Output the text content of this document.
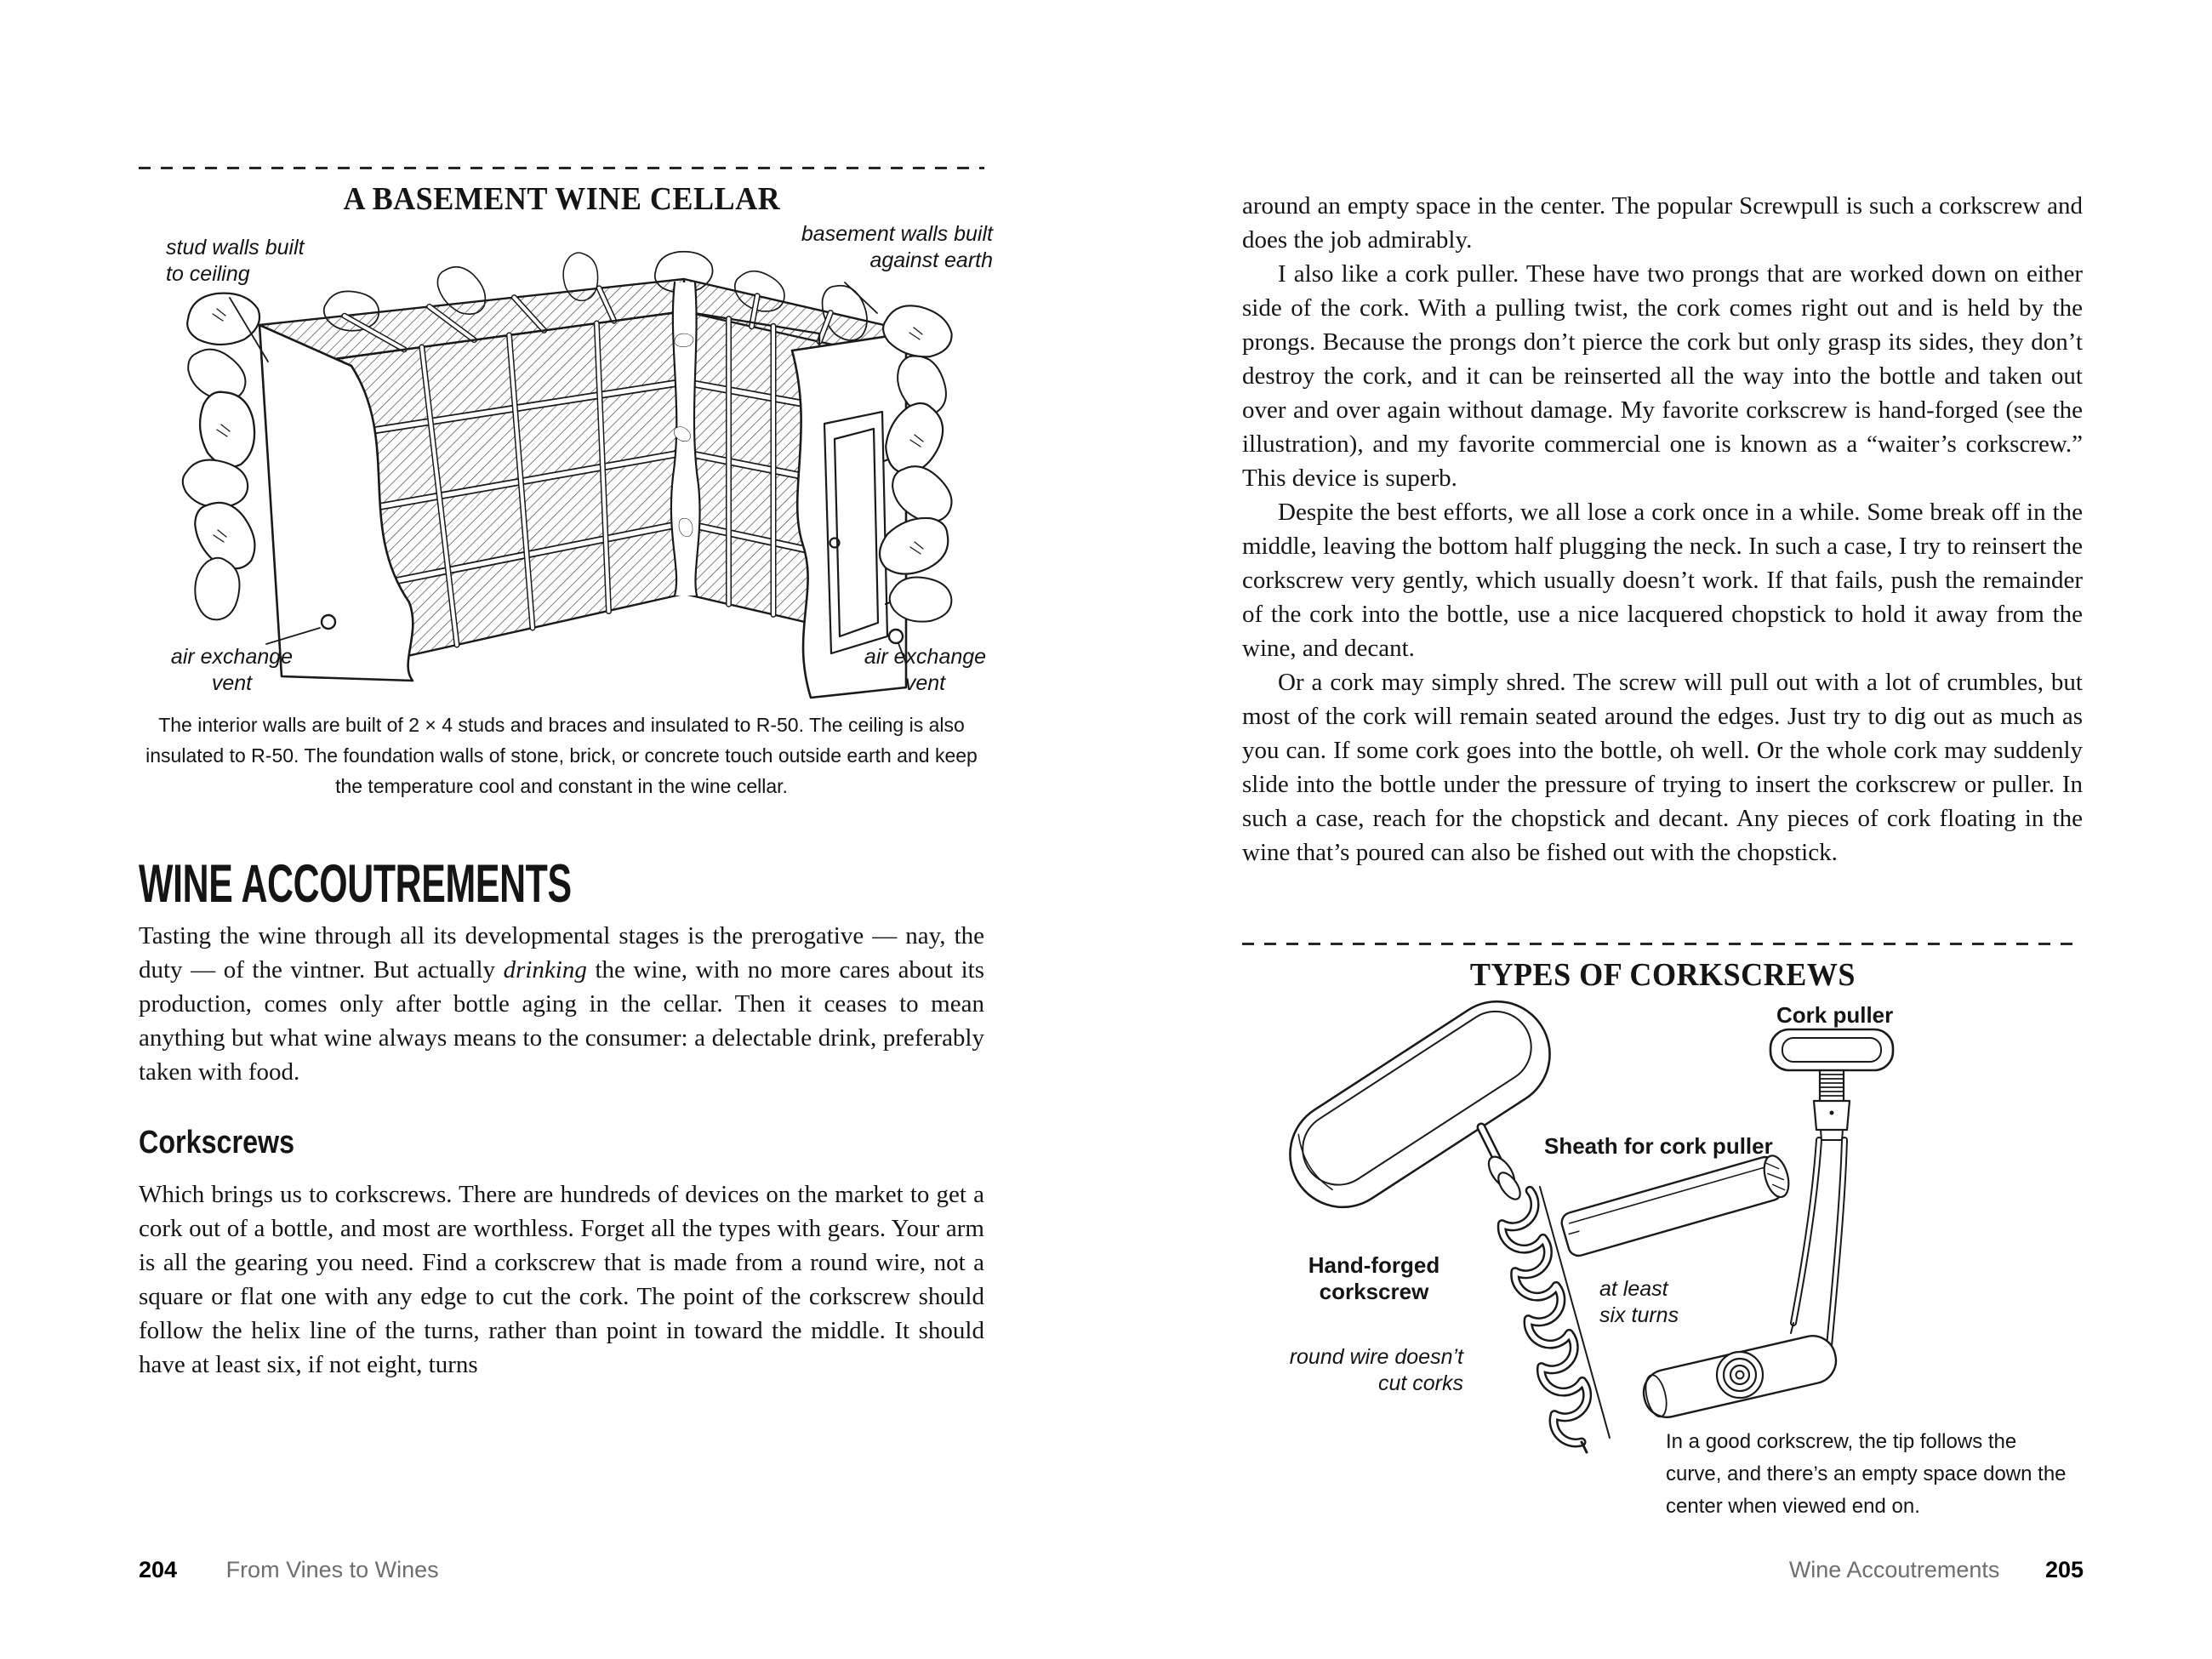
A BASEMENT WINE CELLAR
stud walls built
to ceiling
basement walls built
against earth
air exchange
vent
air exchange
vent
The interior walls are built of 2 × 4 studs and braces and insulated to R-50. The ceiling is also insulated to R-50. The foundation walls of stone, brick, or concrete touch outside earth and keep the temperature cool and constant in the wine cellar.
WINE ACCOUTREMENTS

Tasting the wine through all its developmental stages is the prerogative — nay, the duty — of the vintner. But actually drinking the wine, with no more cares about its production, comes only after bottle aging in the cellar. Then it ceases to mean anything but what wine always means to the consumer: a delectable drink, preferably taken with food.

Corkscrews

Which brings us to corkscrews. There are hundreds of devices on the market to get a cork out of a bottle, and most are worthless. Forget all the types with gears. Your arm is all the gearing you need. Find a corkscrew that is made from a round wire, not a square or flat one with any edge to cut the cork. The point of the corkscrew should follow the helix line of the turns, rather than point in toward the middle. It should have at least six, if not eight, turns

204 From Vines to Wines

around an empty space in the center. The popular Screwpull is such a corkscrew and does the job admirably.

I also like a cork puller. These have two prongs that are worked down on either side of the cork. With a pulling twist, the cork comes right out and is held by the prongs. Because the prongs don’t pierce the cork but only grasp its sides, they don’t destroy the cork, and it can be reinserted all the way into the bottle and taken out over and over again without damage. My favorite corkscrew is hand-forged (see the illustration), and my favorite commercial one is known as a “waiter’s corkscrew.” This device is superb.

Despite the best efforts, we all lose a cork once in a while. Some break off in the middle, leaving the bottom half plugging the neck. In such a case, I try to reinsert the corkscrew very gently, which usually doesn’t work. If that fails, push the remainder of the cork into the bottle, use a nice lacquered chopstick to hold it away from the wine, and decant.

Or a cork may simply shred. The screw will pull out with a lot of crumbles, but most of the cork will remain seated around the edges. Just try to dig out as much as you can. If some cork goes into the bottle, oh well. Or the whole cork may suddenly slide into the bottle under the pressure of trying to insert the corkscrew or puller. In such a case, reach for the chopstick and decant. Any pieces of cork floating in the wine that’s poured can also be fished out with the chopstick.

TYPES OF CORKSCREWS
Cork puller
Sheath for cork puller
Hand-forged
corkscrew	at least
six turns
round wire doesn’t
cut corks
In a good corkscrew, the tip follows the curve, and there’s an empty space down the center when viewed end on.
Wine Accoutrements 205
